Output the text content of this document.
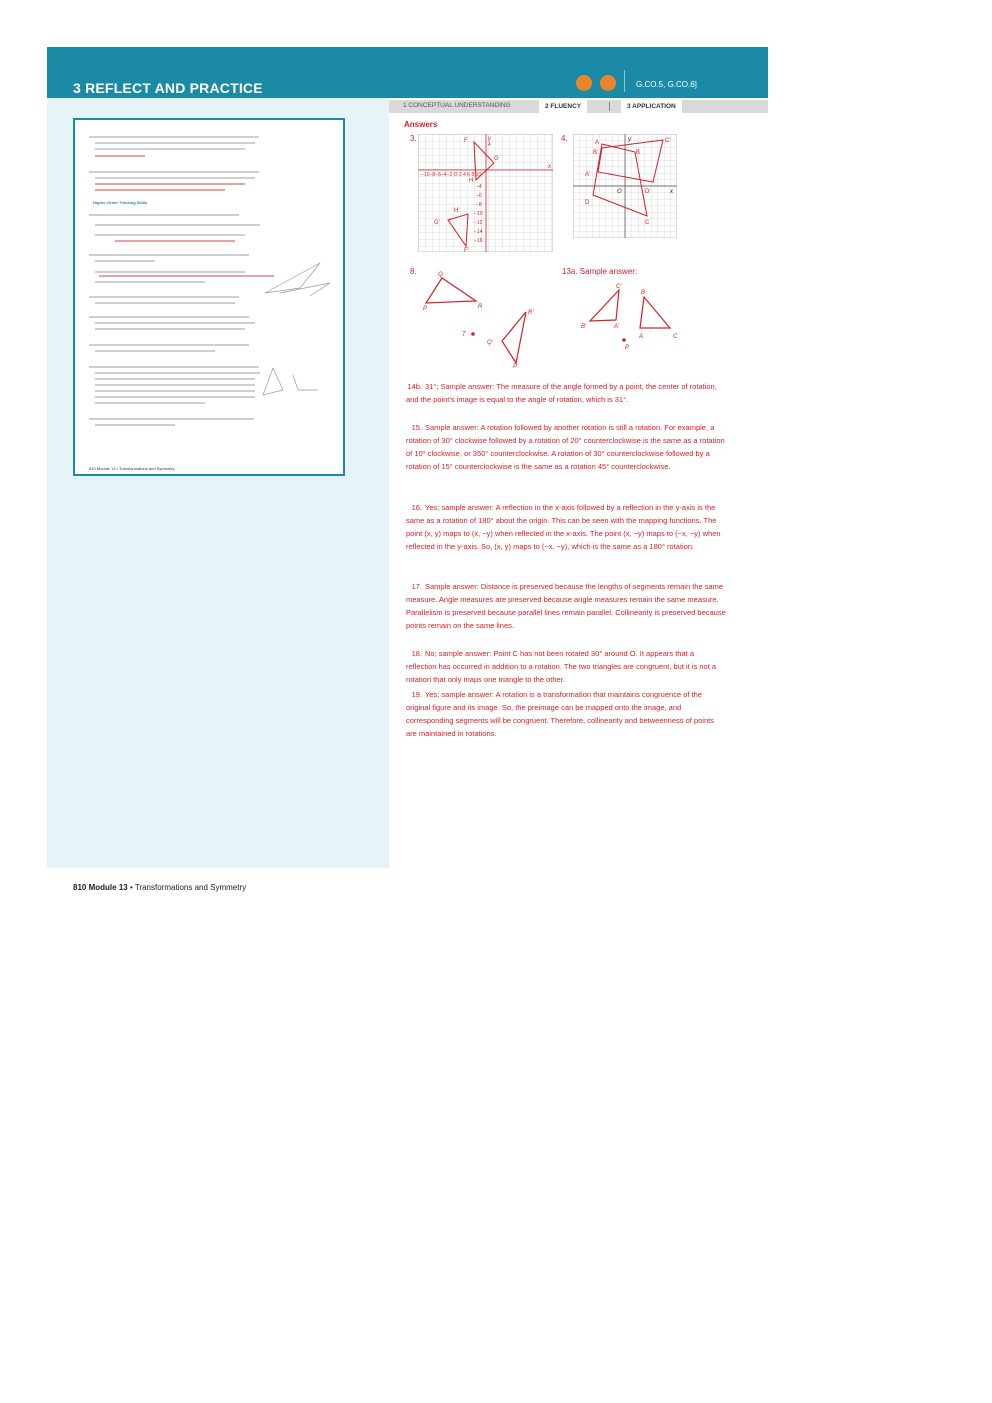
3 REFLECT AND PRACTICE
	G.CO.5, G.CO.6]
Higher-Order Thinking Skills
810 Module 13 • Transformations and Symmetry
1 CONCEPTUAL UNDERSTANDING	2 FLUENCY	3 APPLICATION
Answers
3.	4.
8.	13a. Sample answer:
−10−8−6−4−2 O 2 4 6 8 10
4
−4
−6
−8
−10
−12
−14
−16
x
y
F
G
H
F'
G'
H'
A
B
C
D
A'
B'
C'
D'
O	x
y
Q
P	R
T
Q'
P'
R'
C'
B'	A'
P
B
A	C
14b. 31°; Sample answer: The measure of the angle formed by a point, the center of rotation, and the point’s image is equal to the angle of rotation, which is 31°.
15. Sample answer: A rotation followed by another rotation is still a rotation. For example, a rotation of 30° clockwise followed by a rotation of 20° counterclockwise is the same as a rotation of 10° clockwise, or 350° counterclockwise. A rotation of 30° counterclockwise followed by a rotation of 15° counterclockwise is the same as a rotation 45° counterclockwise.
16. Yes; sample answer: A reflection in the x-axis followed by a reflection in the y-axis is the same as a rotation of 180° about the origin. This can be seen with the mapping functions. The point (x, y) maps to (x, −y) when reflected in the x-axis. The point (x, −y) maps to (−x, −y) when reflected in the y-axis. So, (x, y) maps to (−x, −y), which is the same as a 180° rotation.
17. Sample answer: Distance is preserved because the lengths of segments remain the same measure. Angle measures are preserved because angle measures remain the same measure. Parallelism is preserved because parallel lines remain parallel. Collinearity is preserved because points remain on the same lines.
18. No; sample answer: Point C has not been rotated 30° around O. It appears that a reflection has occurred in addition to a rotation. The two triangles are congruent, but it is not a rotation that only maps one triangle to the other.
19. Yes; sample answer: A rotation is a transformation that maintains congruence of the original figure and its image. So, the preimage can be mapped onto the image, and corresponding segments will be congruent. Therefore, collinearity and betweenness of points are maintained in rotations.
810 Module 13 • Transformations and Symmetry
